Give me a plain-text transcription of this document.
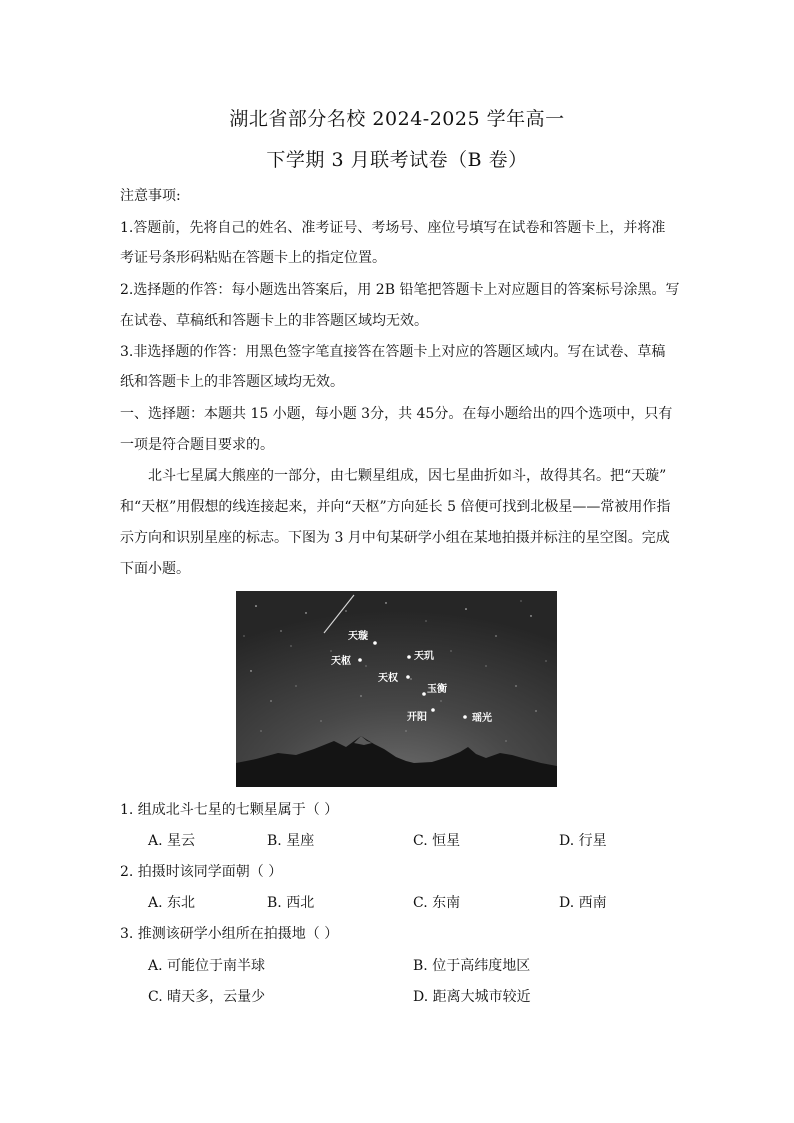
湖北省部分名校 2024-2025 学年高一
下学期 3 月联考试卷（B 卷）
注意事项:
1.答题前，先将自己的姓名、准考证号、考场号、座位号填写在试卷和答题卡上，并将准
考证号条形码粘贴在答题卡上的指定位置。
2.选择题的作答：每小题选出答案后，用 2B 铅笔把答题卡上对应题目的答案标号涂黑。写
在试卷、草稿纸和答题卡上的非答题区域均无效。
3.非选择题的作答：用黑色签字笔直接答在答题卡上对应的答题区域内。写在试卷、草稿
纸和答题卡上的非答题区域均无效。
一、选择题：本题共 15 小题，每小题 3分，共 45分。在每小题给出的四个选项中，只有
一项是符合题目要求的。
北斗七星属大熊座的一部分，由七颗星组成，因七星曲折如斗，故得其名。把“天璇”
和“天枢”用假想的线连接起来，并向“天枢”方向延长 5 倍便可找到北极星——常被用作指
示方向和识别星座的标志。下图为 3 月中旬某研学小组在某地拍摄并标注的星空图。完成
下面小题。
天璇
天枢	天玑
天权
玉衡
开阳	瑶光
1. 组成北斗七星的七颗星属于（ ）
A. 星云	B. 星座	C. 恒星	D. 行星
2. 拍摄时该同学面朝（ ）
A. 东北	B. 西北	C. 东南	D. 西南
3. 推测该研学小组所在拍摄地（ ）
A. 可能位于南半球	B. 位于高纬度地区
C. 晴天多，云量少	D. 距离大城市较近
